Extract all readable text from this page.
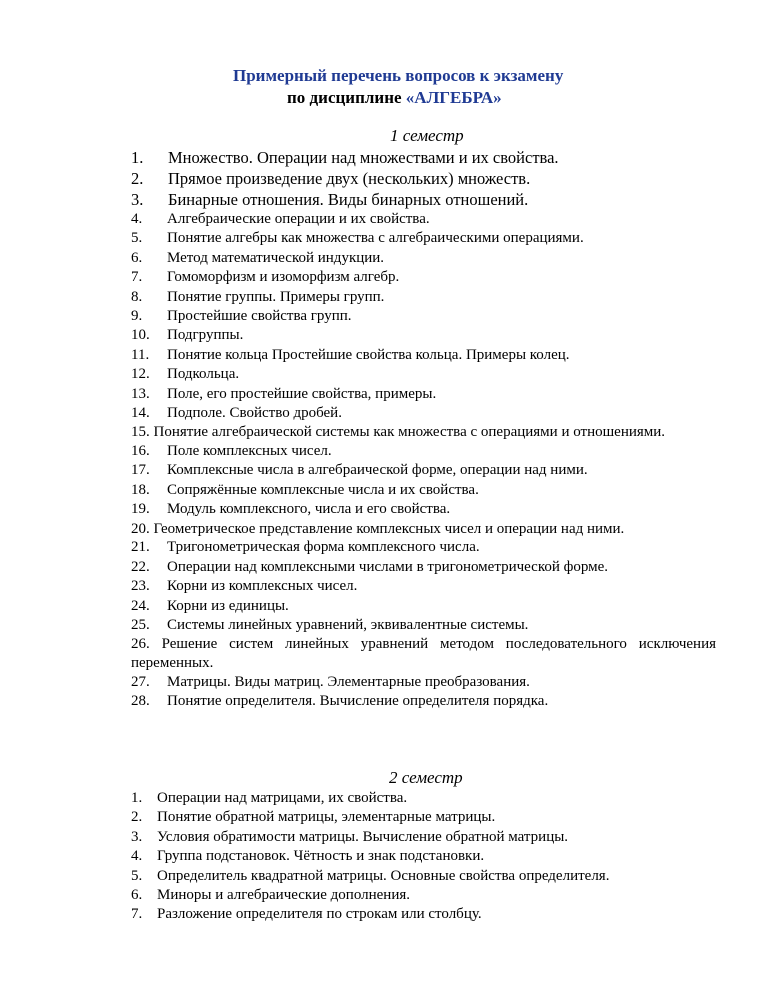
Примерный перечень вопросов к экзамену
по дисциплине «АЛГЕБРА»
1 семестр
1.	Множество. Операции над множествами и их свойства.
2.	Прямое произведение двух (нескольких) множеств.
3.	Бинарные отношения. Виды бинарных отношений.
4.	Алгебраические операции и их свойства.
5.	Понятие алгебры как множества с алгебраическими операциями.
6.	Метод математической индукции.
7.	Гомоморфизм и изоморфизм алгебр.
8.	Понятие группы. Примеры групп.
9.	Простейшие свойства групп.
10.	Подгруппы.
11.	Понятие кольца Простейшие свойства кольца. Примеры колец.
12.	Подкольца.
13.	Поле, его простейшие свойства, примеры.
14.	Подполе. Свойство дробей.
15. Понятие алгебраической системы как множества с операциями и отношениями.
16.	Поле комплексных чисел.
17.	Комплексные числа в алгебраической форме, операции над ними.
18.	Сопряжённые комплексные числа и их свойства.
19.	Модуль комплексного, числа и его свойства.
20. Геометрическое представление комплексных чисел и операции над ними.
21.	Тригонометрическая форма комплексного числа.
22.	Операции над комплексными числами в тригонометрической форме.
23.	Корни из комплексных чисел.
24.	Корни из единицы.
25.	Системы линейных уравнений, эквивалентные системы.
26. Решение систем линейных уравнений методом последовательного исключения переменных.
27.	Матрицы. Виды матриц. Элементарные преобразования.
28.	Понятие определителя. Вычисление определителя порядка.
2 семестр
1. Операции над матрицами, их свойства.
2. Понятие обратной матрицы, элементарные матрицы.
3. Условия обратимости матрицы. Вычисление обратной матрицы.
4. Группа подстановок. Чётность и знак подстановки.
5. Определитель квадратной матрицы. Основные свойства определителя.
6. Миноры и алгебраические дополнения.
7. Разложение определителя по строкам или столбцу.
